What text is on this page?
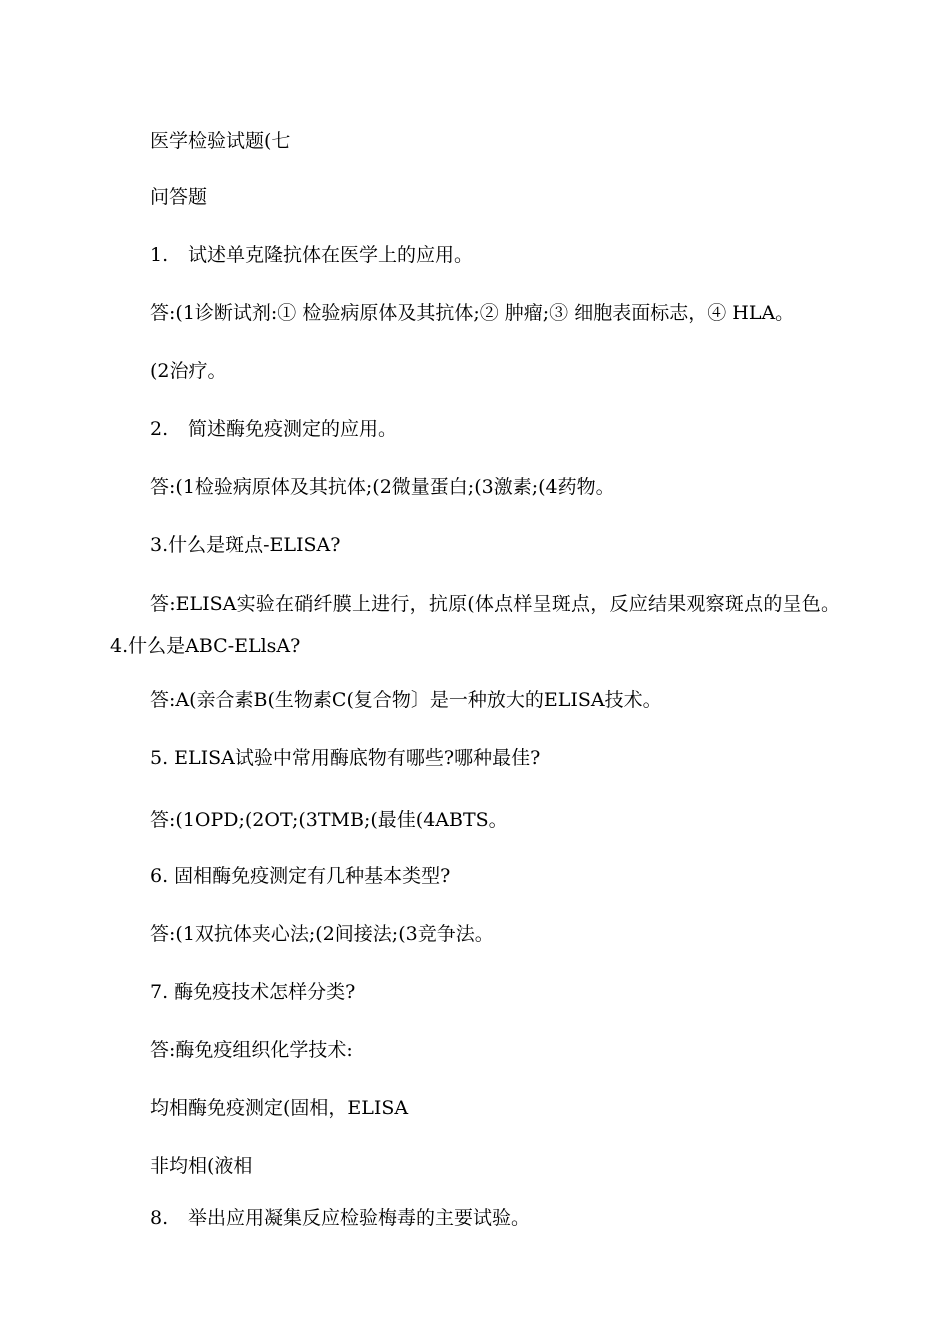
医学检验试题(七
问答题
1. 试述单克隆抗体在医学上的应用。
答:(1诊断试剂:① 检验病原体及其抗体;② 肿瘤;③ 细胞表面标志，④ HLA。
(2治疗。
2. 简述酶免疫测定的应用。
答:(1检验病原体及其抗体;(2微量蛋白;(3激素;(4药物。
3.什么是斑点-ELISA?
答:ELISA实验在硝纤膜上进行，抗原(体点样呈斑点，反应结果观察斑点的呈色。4.什么是ABC-ELlsA?
答:A(亲合素B(生物素C(复合物〕是一种放大的ELISA技术。
5. ELISA试验中常用酶底物有哪些?哪种最佳?
答:(1OPD;(2OT;(3TMB;(最佳(4ABTS。
6. 固相酶免疫测定有几种基本类型?
答:(1双抗体夹心法;(2间接法;(3竞争法。
7. 酶免疫技术怎样分类?
答:酶免疫组织化学技术:
均相酶免疫测定(固相，ELISA
非均相(液相
8. 举出应用凝集反应检验梅毒的主要试验。
